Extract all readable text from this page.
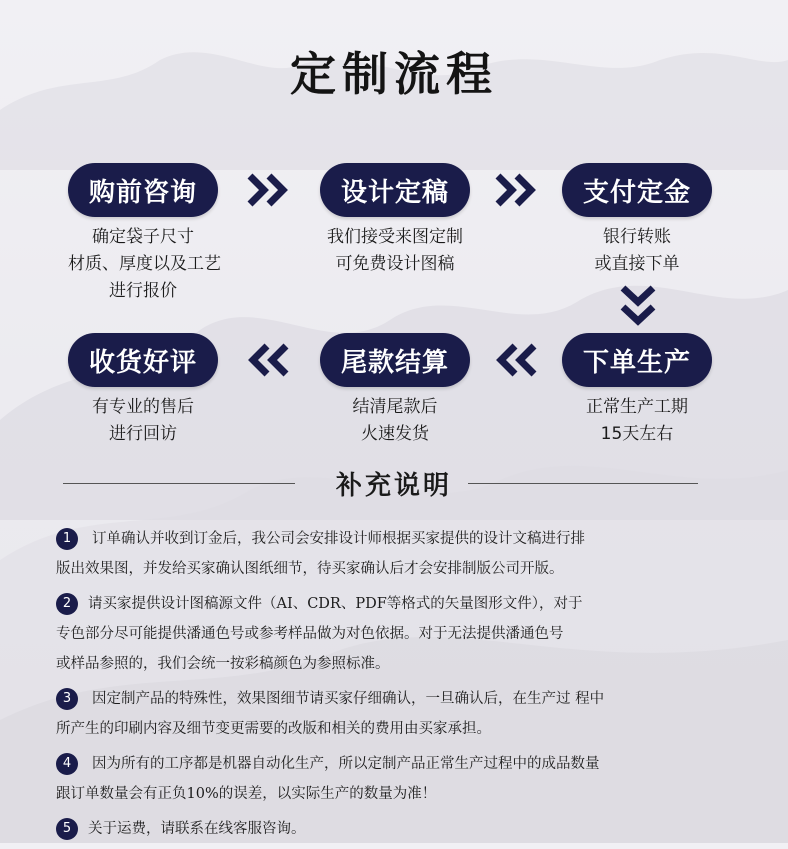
定制流程
购前咨询
确定袋子尺寸
材质、厚度以及工艺
进行报价
设计定稿
我们接受来图定制
可免费设计图稿
支付定金
银行转账
或直接下单
收货好评
有专业的售后
进行回访
尾款结算
结清尾款后
火速发货
下单生产
正常生产工期
15天左右
补充说明
1 订单确认并收到订金后，我公司会安排设计师根据买家提供的设计文稿进行排
版出效果图，并发给买家确认图纸细节，待买家确认后才会安排制版公司开版。
2 请买家提供设计图稿源文件（AI、CDR、PDF等格式的矢量图形文件），对于
专色部分尽可能提供潘通色号或参考样品做为对色依据。对于无法提供潘通色号
或样品参照的，我们会统一按彩稿颜色为参照标准。
3 因定制产品的特殊性，效果图细节请买家仔细确认，一旦确认后，在生产过 程中
所产生的印刷内容及细节变更需要的改版和相关的费用由买家承担。
4 因为所有的工序都是机器自动化生产，所以定制产品正常生产过程中的成品数量
跟订单数量会有正负10%的误差，以实际生产的数量为准！
5 关于运费，请联系在线客服咨询。
